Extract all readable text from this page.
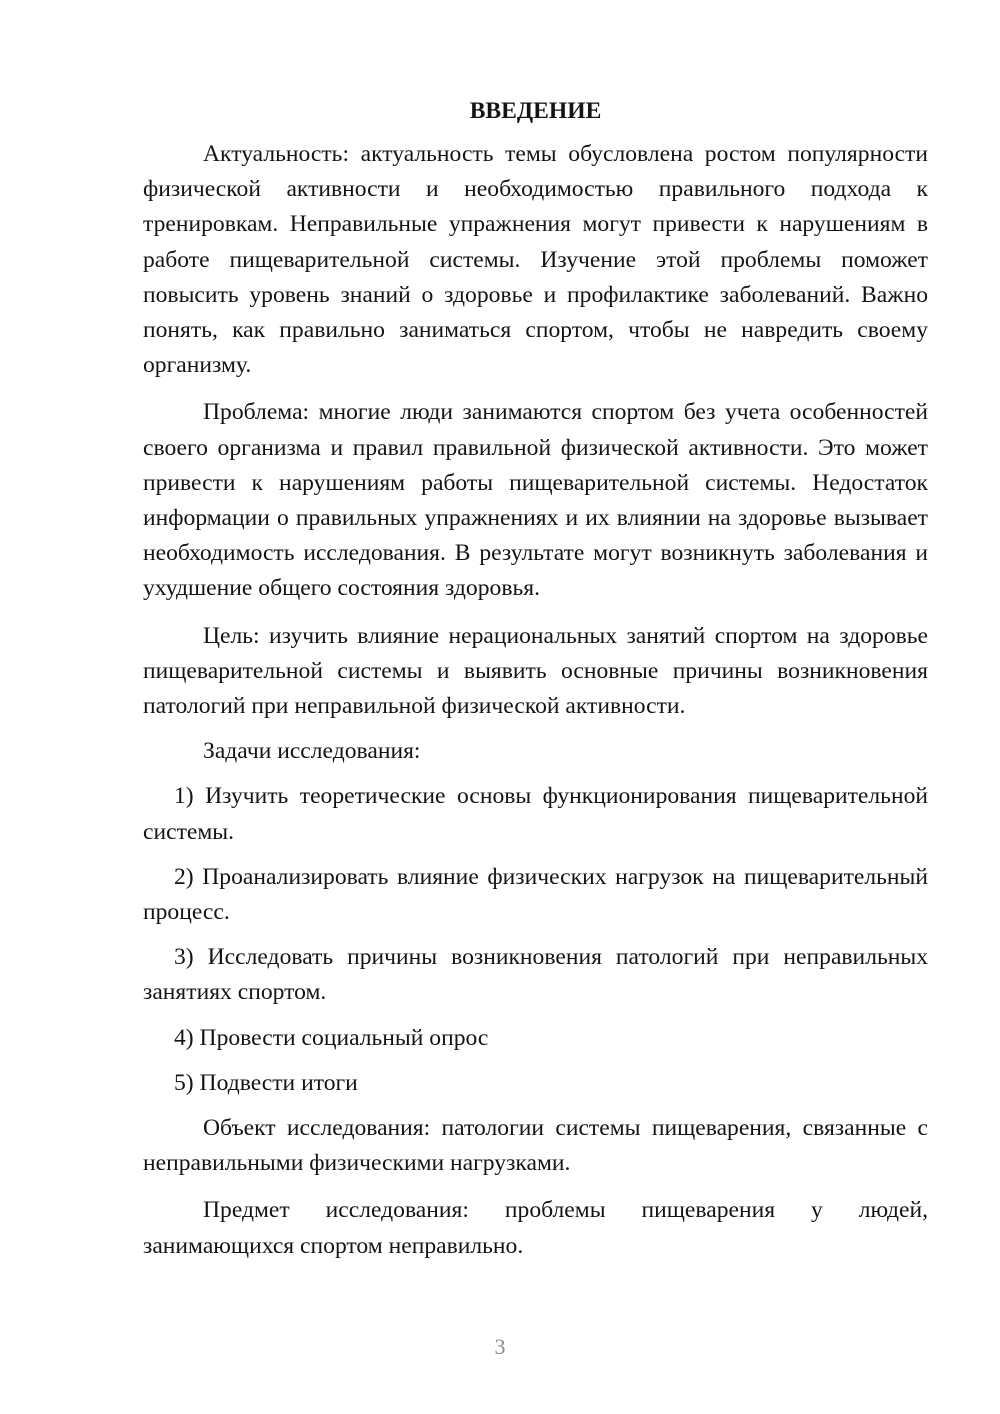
ВВЕДЕНИЕ

Актуальность: актуальность темы обусловлена ростом популярности физической активности и необходимостью правильного подхода к тренировкам. Неправильные упражнения могут привести к нарушениям в работе пищеварительной системы. Изучение этой проблемы поможет повысить уровень знаний о здоровье и профилактике заболеваний. Важно понять, как правильно заниматься спортом, чтобы не навредить своему организму.

Проблема: многие люди занимаются спортом без учета особенностей своего организма и правил правильной физической активности. Это может привести к нарушениям работы пищеварительной системы. Недостаток информации о правильных упражнениях и их влиянии на здоровье вызывает необходимость исследования. В результате могут возникнуть заболевания и ухудшение общего состояния здоровья.

Цель: изучить влияние нерациональных занятий спортом на здоровье пищеварительной системы и выявить основные причины возникновения патологий при неправильной физической активности.

Задачи исследования:

1) Изучить теоретические основы функционирования пищеварительной системы.

2) Проанализировать влияние физических нагрузок на пищеварительный процесс.

3) Исследовать причины возникновения патологий при неправильных занятиях спортом.

4) Провести социальный опрос

5) Подвести итоги

Объект исследования: патологии системы пищеварения, связанные с неправильными физическими нагрузками.

Предмет исследования: проблемы пищеварения у людей, занимающихся спортом неправильно.

3
